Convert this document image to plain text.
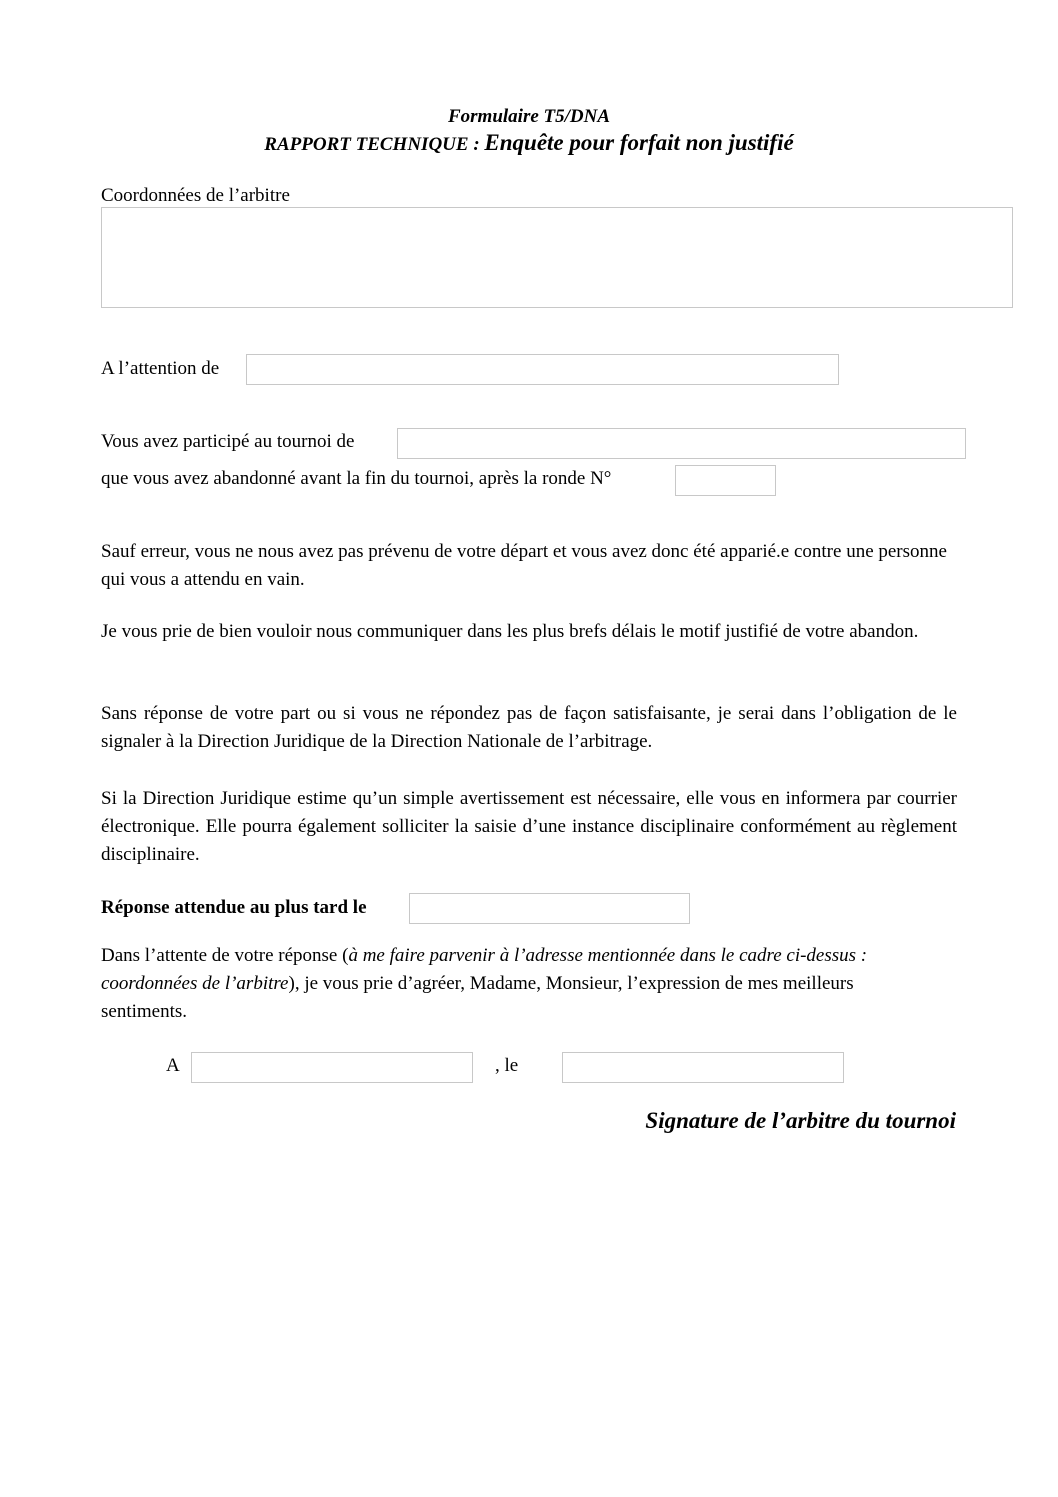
Formulaire T5/DNA
RAPPORT TECHNIQUE : Enquête pour forfait non justifié
Coordonnées de l’arbitre
A l’attention de
Vous avez participé au tournoi de
que vous avez abandonné avant la fin du tournoi, après la ronde N°

Sauf erreur, vous ne nous avez pas prévenu de votre départ et vous avez donc été apparié.e contre une personne qui vous a attendu en vain.

Je vous prie de bien vouloir nous communiquer dans les plus brefs délais le motif justifié de votre abandon.

Sans réponse de votre part ou si vous ne répondez pas de façon satisfaisante, je serai dans l’obligation de le signaler à la Direction Juridique de la Direction Nationale de l’arbitrage.

Si la Direction Juridique estime qu’un simple avertissement est nécessaire, elle vous en informera par courrier électronique. Elle pourra également solliciter la saisie d’une instance disciplinaire conformément au règlement disciplinaire.

Réponse attendue au plus tard le

Dans l’attente de votre réponse (à me faire parvenir à l’adresse mentionnée dans le cadre ci-dessus : coordonnées de l’arbitre), je vous prie d’agréer, Madame, Monsieur, l’expression de mes meilleurs sentiments.

A	, le
Signature de l’arbitre du tournoi
